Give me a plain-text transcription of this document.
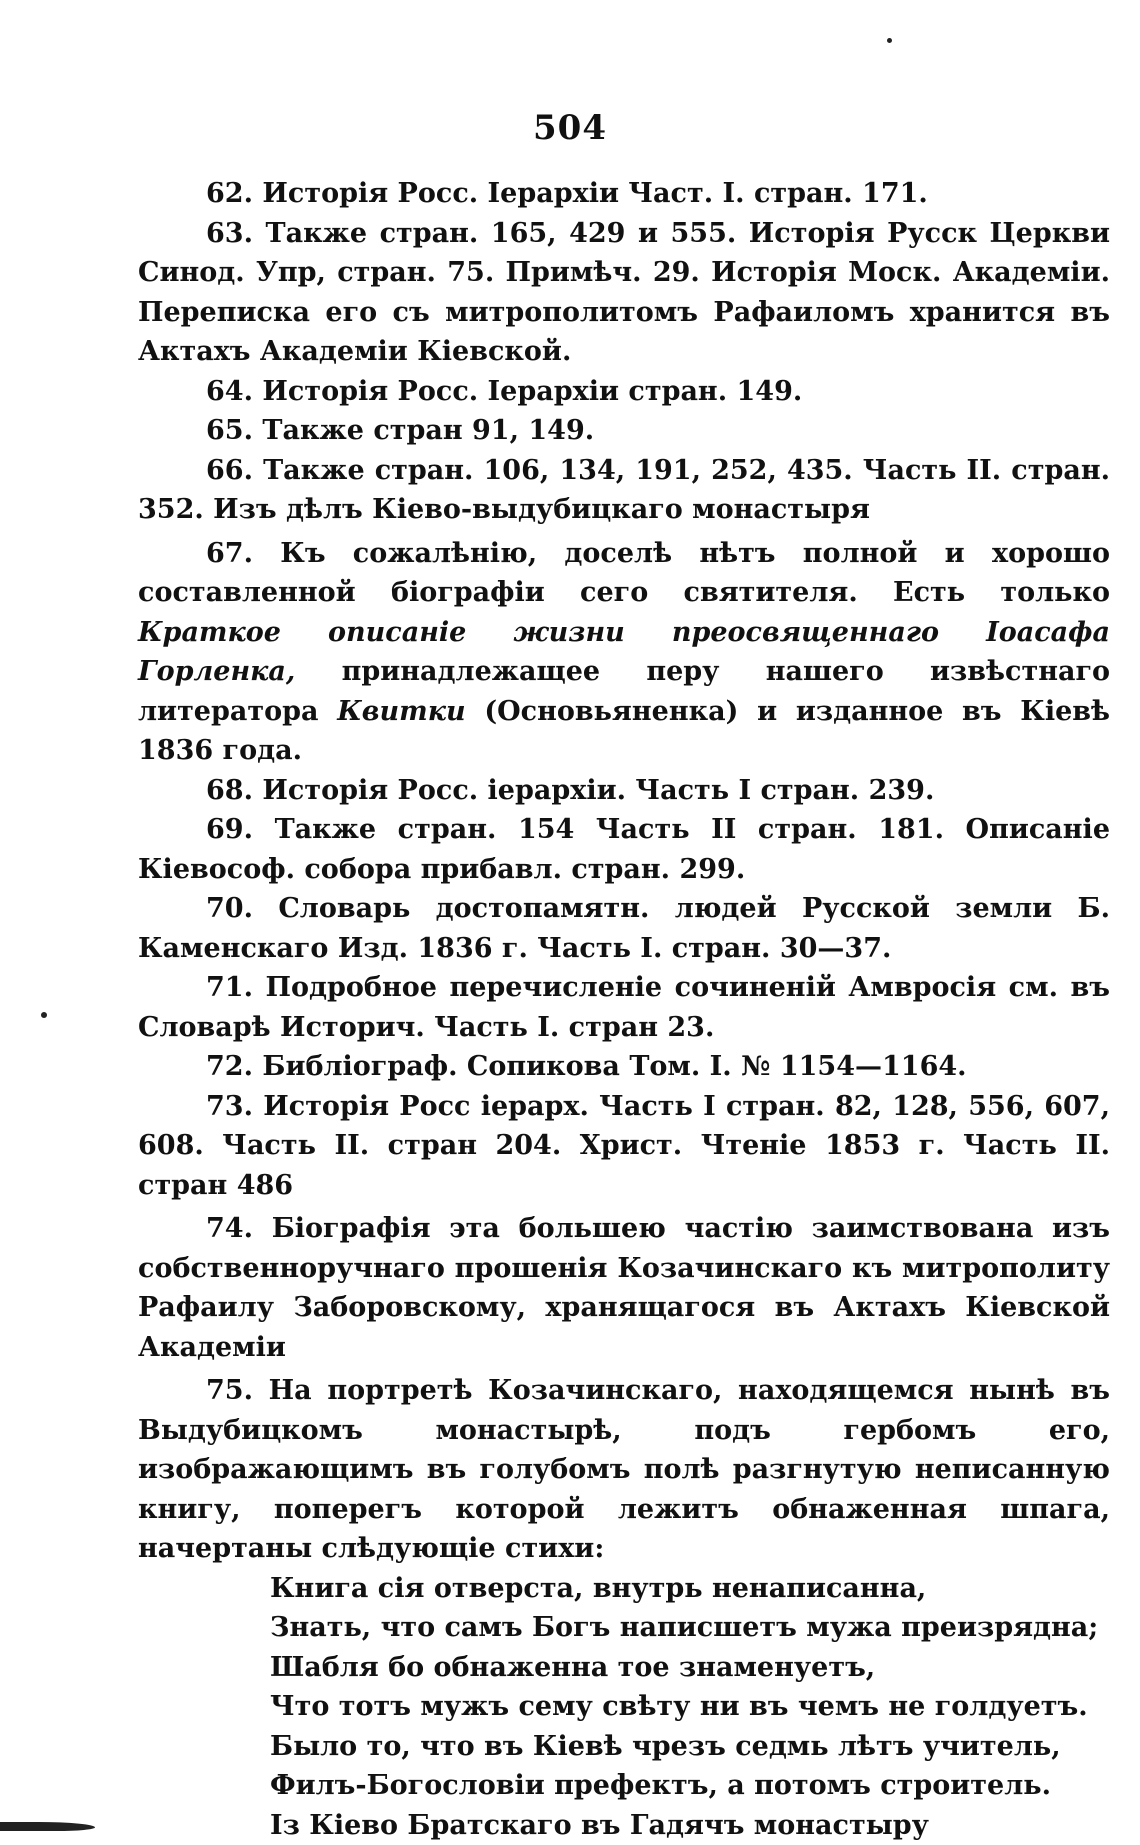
504

62. Исторія Росс. Іерархіи Част. I. стран. 171.

63. Также стран. 165, 429 и 555. Исторія Русск Церкви Синод. Упр, стран. 75. Примѣч. 29. Исторія Моск. Академіи. Переписка его съ митрополитомъ Рафаиломъ хранится въ Актахъ Академіи Кіевской.

64. Исторія Росс. Іерархіи стран. 149.

65. Также стран 91, 149.

66. Также стран. 106, 134, 191, 252, 435. Часть II. стран. 352. Изъ дѣлъ Кіево-выдубицкаго монастыря

67. Къ сожалѣнію, доселѣ нѣтъ полной и хорошо составленной біографіи сего святителя. Есть только Краткое описаніе жизни преосвященнаго Іоасафа Горленка, принадлежащее перу нашего извѣстнаго литератора Квитки (Основьяненка) и изданное въ Кіевѣ 1836 года.

68. Исторія Росс. іерархіи. Часть I стран. 239.

69. Также стран. 154 Часть II стран. 181. Описаніе Кіевософ. собора прибавл. стран. 299.

70. Словарь достопамятн. людей Русской земли Б. Каменскаго Изд. 1836 г. Часть I. стран. 30—37.

71. Подробное перечисленіе сочиненій Амвросія см. въ Словарѣ Историч. Часть I. стран 23.

72. Библіограф. Сопикова Том. I. № 1154—1164.

73. Исторія Росс іерарх. Часть I стран. 82, 128, 556, 607, 608. Часть II. стран 204. Христ. Чтеніе 1853 г. Часть II. стран 486

74. Біографія эта большею частію заимствована изъ собственноручнаго прошенія Козачинскаго къ митрополиту Рафаилу Заборовскому, хранящагося въ Актахъ Кіевской Академіи

75. На портретѣ Козачинскаго, находящемся нынѣ въ Выдубицкомъ монастырѣ, подъ гербомъ его, изображающимъ въ голубомъ полѣ разгнутую неписанную книгу, поперегъ которой лежитъ обнаженная шпага, начертаны слѣдующіе стихи:

Книга сія отверста, внутрь ненаписанна,
Знать, что самъ Богъ написшетъ мужа преизрядна;
Шабля бо обнаженна тое знаменуетъ,
Что тотъ мужъ сему свѣту ни въ чемъ не голдуетъ.
Было то, что въ Кіевѣ чрезъ седмь лѣтъ учитель,
Филъ-Богословіи префектъ, а потомъ строитель.
Із Кіево Братскаго въ Гадячъ монастыру
